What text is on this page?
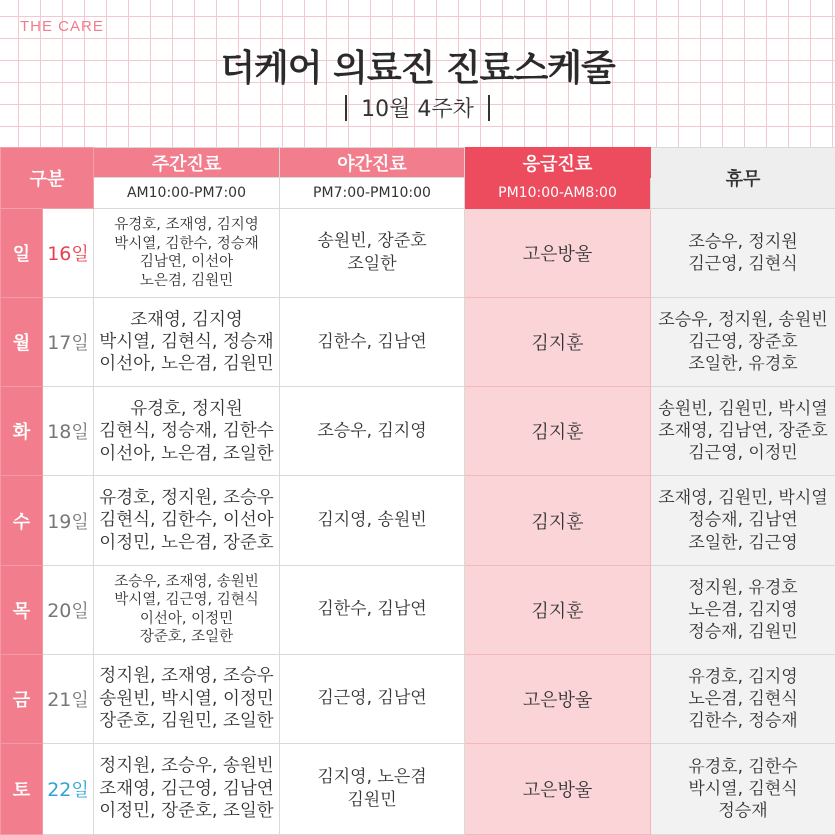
THE CARE
더케어 의료진 진료스케줄
10월 4주차
구분		주간진료	야간진료	응급진료	휴무
		AM10:00-PM7:00	PM7:00-PM10:00	PM10:00-AM8:00	
일	16일	유경호, 조재영, 김지영
박시열, 김한수, 정승재
김남연, 이선아
노은겸, 김원민	송원빈, 장준호
조일한	고은방울	조승우, 정지원
김근영, 김현식

월	17일	조재영, 김지영
박시열, 김현식, 정승재
이선아, 노은겸, 김원민	김한수, 김남연	김지훈	조승우, 정지원, 송원빈
김근영, 장준호
조일한, 유경호

화	18일	유경호, 정지원
김현식, 정승재, 김한수
이선아, 노은겸, 조일한	조승우, 김지영	김지훈	송원빈, 김원민, 박시열
조재영, 김남연, 장준호
김근영, 이정민

수	19일	유경호, 정지원, 조승우
김현식, 김한수, 이선아
이정민, 노은겸, 장준호	김지영, 송원빈	김지훈	조재영, 김원민, 박시열
정승재, 김남연
조일한, 김근영

목	20일	조승우, 조재영, 송원빈
박시열, 김근영, 김현식
이선아, 이정민
장준호, 조일한	김한수, 김남연	김지훈	정지원, 유경호
노은겸, 김지영
정승재, 김원민

금	21일	정지원, 조재영, 조승우
송원빈, 박시열, 이정민
장준호, 김원민, 조일한	김근영, 김남연	고은방울	유경호, 김지영
노은겸, 김현식
김한수, 정승재

토	22일	정지원, 조승우, 송원빈
조재영, 김근영, 김남연
이정민, 장준호, 조일한	김지영, 노은겸
김원민	고은방울	유경호, 김한수
박시열, 김현식
정승재
